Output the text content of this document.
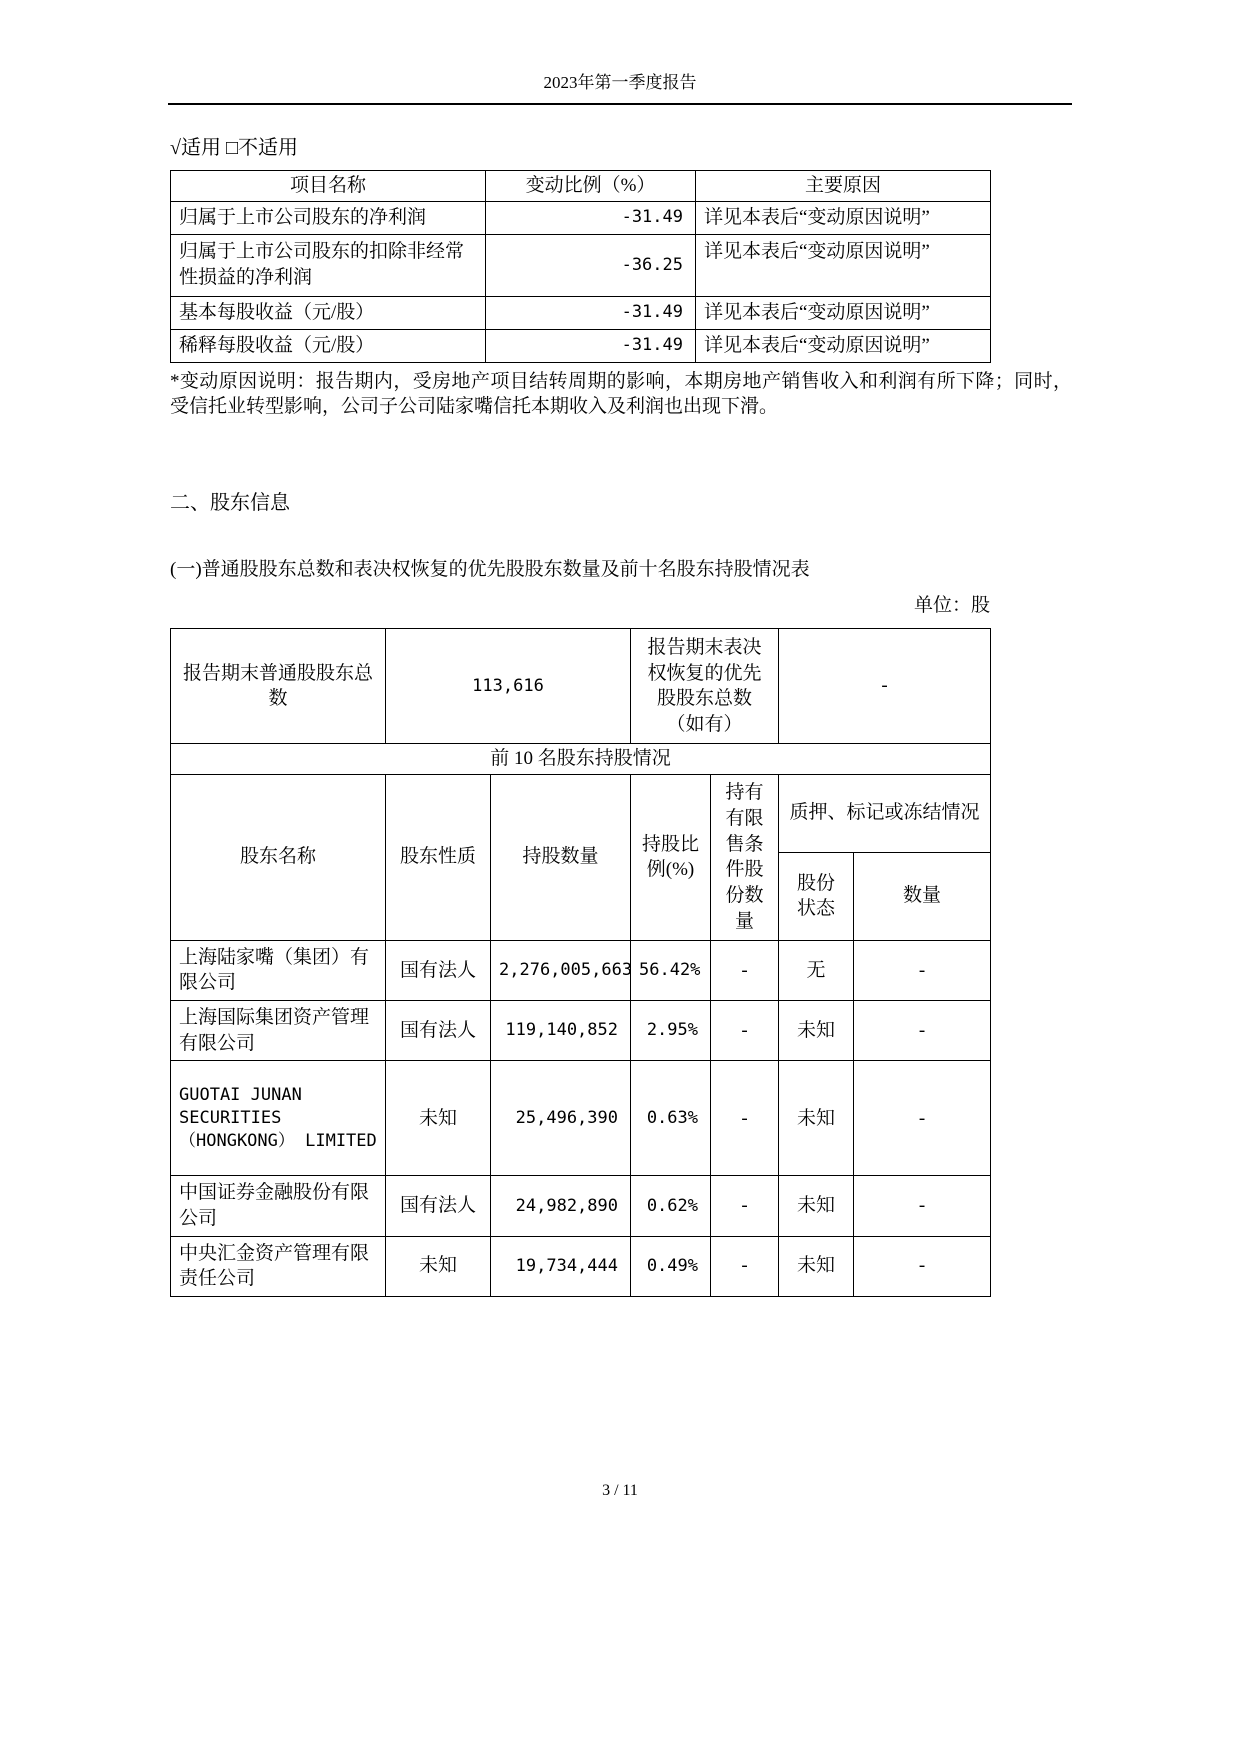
2023年第一季度报告
√适用 □不适用
项目名称	变动比例（%）	主要原因
归属于上市公司股东的净利润	-31.49	详见本表后“变动原因说明”
归属于上市公司股东的扣除非经常性损益的净利润	-36.25	详见本表后“变动原因说明”
基本每股收益（元/股）	-31.49	详见本表后“变动原因说明”
稀释每股收益（元/股）	-31.49	详见本表后“变动原因说明”
*变动原因说明：报告期内，受房地产项目结转周期的影响，本期房地产销售收入和利润有所下降；同时，受信托业转型影响，公司子公司陆家嘴信托本期收入及利润也出现下滑。
二、股东信息
(一)普通股股东总数和表决权恢复的优先股股东数量及前十名股东持股情况表
单位：股
报告期末普通股股东总数	113,616		报告期末表决权恢复的优先股股东总数（如有）		-	
前 10 名股东持股情况						
股东名称	股东性质	持股数量	持股比例(%)	持有有限售条件股份数量	质押、标记或冻结情况	
					股份状态	数量
上海陆家嘴（集团）有限公司	国有法人	2,276,005,663	56.42%	-	无	-
上海国际集团资产管理有限公司	国有法人	119,140,852	2.95%	-	未知	-
GUOTAI JUNAN SECURITIES （HONGKONG） LIMITED	未知	25,496,390	0.63%	-	未知	-
中国证券金融股份有限公司	国有法人	24,982,890	0.62%	-	未知	-
中央汇金资产管理有限责任公司	未知	19,734,444	0.49%	-	未知	-
3 / 11
